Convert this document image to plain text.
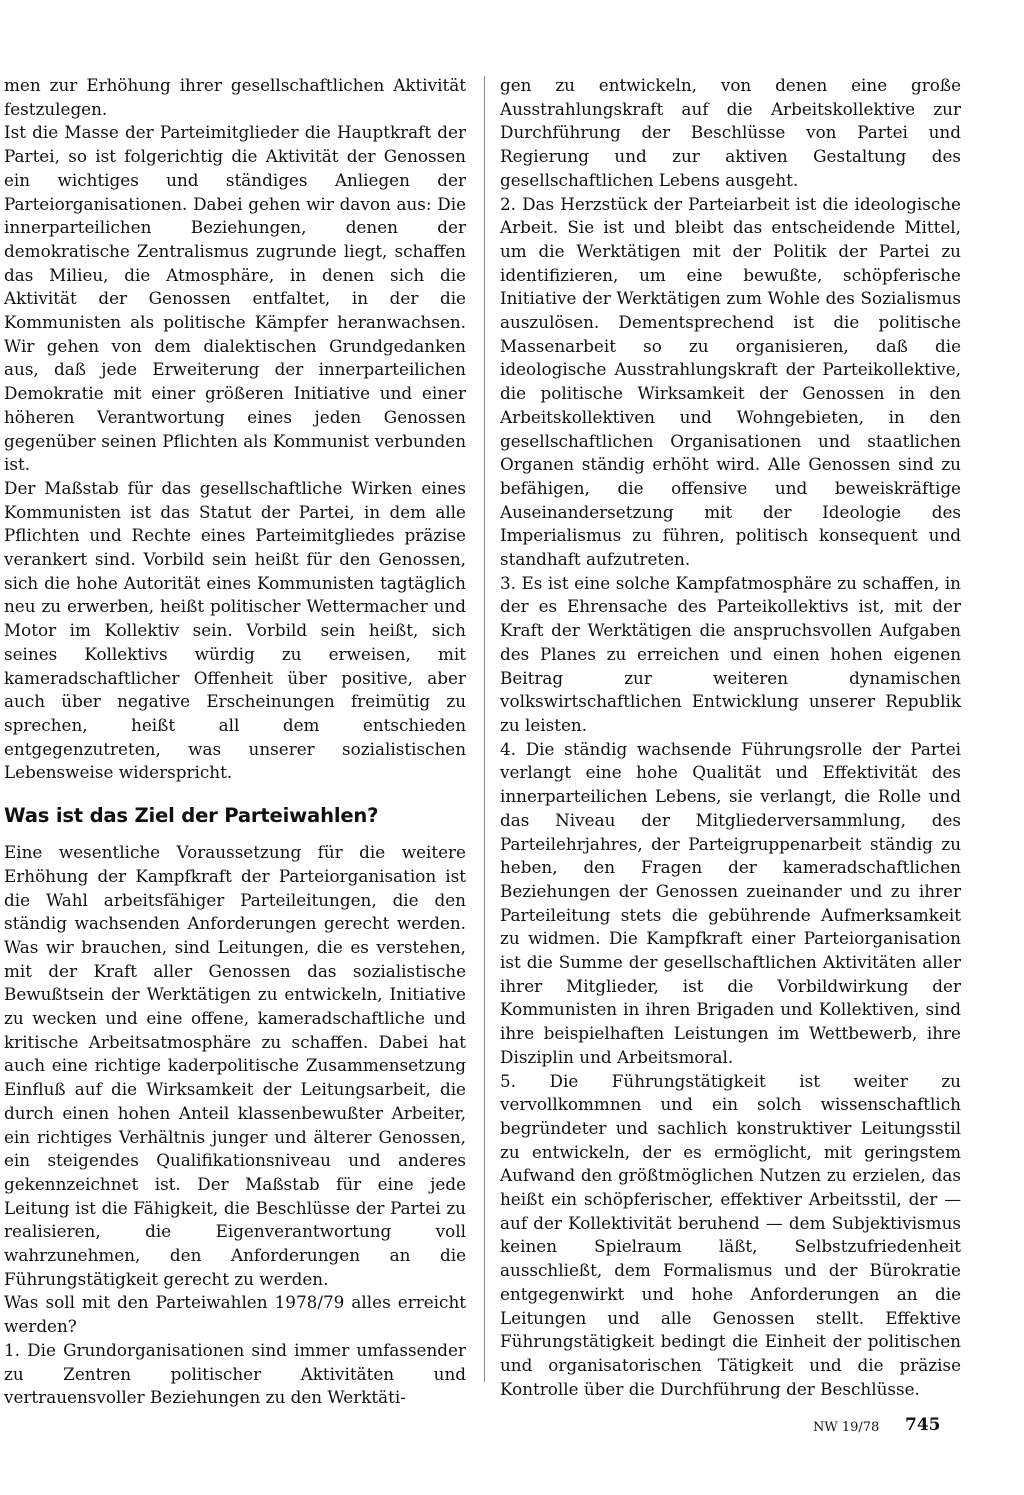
men zur Erhöhung ihrer gesellschaftlichen Aktivität festzulegen.

Ist die Masse der Parteimitglieder die Hauptkraft der Partei, so ist folgerichtig die Aktivität der Genossen ein wichtiges und ständiges Anliegen der Parteiorganisationen. Dabei gehen wir davon aus: Die innerparteilichen Beziehungen, denen der demokratische Zentralismus zugrunde liegt, schaffen das Milieu, die Atmosphäre, in denen sich die Aktivität der Genossen entfaltet, in der die Kommunisten als politische Kämpfer heranwachsen. Wir gehen von dem dialektischen Grundgedanken aus, daß jede Erweiterung der innerparteilichen Demokratie mit einer größeren Initiative und einer höheren Verantwortung eines jeden Genossen gegenüber seinen Pflichten als Kommunist verbunden ist.

Der Maßstab für das gesellschaftliche Wirken eines Kommunisten ist das Statut der Partei, in dem alle Pflichten und Rechte eines Parteimitgliedes präzise verankert sind. Vorbild sein heißt für den Genossen, sich die hohe Autorität eines Kommunisten tagtäglich neu zu erwerben, heißt politischer Wettermacher und Motor im Kollektiv sein. Vorbild sein heißt, sich seines Kollektivs würdig zu erweisen, mit kameradschaftlicher Offenheit über positive, aber auch über negative Erscheinungen freimütig zu sprechen, heißt all dem entschieden entgegenzutreten, was unserer sozialistischen Lebensweise widerspricht.

Was ist das Ziel der Parteiwahlen?

Eine wesentliche Voraussetzung für die weitere Erhöhung der Kampfkraft der Parteiorganisation ist die Wahl arbeitsfähiger Parteileitungen, die den ständig wachsenden Anforderungen gerecht werden. Was wir brauchen, sind Leitungen, die es verstehen, mit der Kraft aller Genossen das sozialistische Bewußtsein der Werktätigen zu entwickeln, Initiative zu wecken und eine offene, kameradschaftliche und kritische Arbeitsatmosphäre zu schaffen. Dabei hat auch eine richtige kaderpolitische Zusammensetzung Einfluß auf die Wirksamkeit der Leitungsarbeit, die durch einen hohen Anteil klassenbewußter Arbeiter, ein richtiges Verhältnis junger und älterer Genossen, ein steigendes Qualifikationsniveau und anderes gekennzeichnet ist. Der Maßstab für eine jede Leitung ist die Fähigkeit, die Beschlüsse der Partei zu realisieren, die Eigenverantwortung voll wahrzunehmen, den Anforderungen an die Führungstätigkeit gerecht zu werden.

Was soll mit den Parteiwahlen 1978/79 alles erreicht werden?

1. Die Grundorganisationen sind immer umfassender zu Zentren politischer Aktivitäten und vertrauensvoller Beziehungen zu den Werktäti-

gen zu entwickeln, von denen eine große Ausstrahlungskraft auf die Arbeitskollektive zur Durchführung der Beschlüsse von Partei und Regierung und zur aktiven Gestaltung des gesellschaftlichen Lebens ausgeht.

2. Das Herzstück der Parteiarbeit ist die ideologische Arbeit. Sie ist und bleibt das entscheidende Mittel, um die Werktätigen mit der Politik der Partei zu identifizieren, um eine bewußte, schöpferische Initiative der Werktätigen zum Wohle des Sozialismus auszulösen. Dementsprechend ist die politische Massenarbeit so zu organisieren, daß die ideologische Ausstrahlungskraft der Parteikollektive, die politische Wirksamkeit der Genossen in den Arbeitskollektiven und Wohngebieten, in den gesellschaftlichen Organisationen und staatlichen Organen ständig erhöht wird. Alle Genossen sind zu befähigen, die offensive und beweiskräftige Auseinandersetzung mit der Ideologie des Imperialismus zu führen, politisch konsequent und standhaft aufzutreten.

3. Es ist eine solche Kampfatmosphäre zu schaffen, in der es Ehrensache des Parteikollektivs ist, mit der Kraft der Werktätigen die anspruchsvollen Aufgaben des Planes zu erreichen und einen hohen eigenen Beitrag zur weiteren dynamischen volkswirtschaftlichen Entwicklung unserer Republik zu leisten.

4. Die ständig wachsende Führungsrolle der Partei verlangt eine hohe Qualität und Effektivität des innerparteilichen Lebens, sie verlangt, die Rolle und das Niveau der Mitgliederversammlung, des Parteilehrjahres, der Parteigruppenarbeit ständig zu heben, den Fragen der kameradschaftlichen Beziehungen der Genossen zueinander und zu ihrer Parteileitung stets die gebührende Aufmerksamkeit zu widmen. Die Kampfkraft einer Parteiorganisation ist die Summe der gesellschaftlichen Aktivitäten aller ihrer Mitglieder, ist die Vorbildwirkung der Kommunisten in ihren Brigaden und Kollektiven, sind ihre beispielhaften Leistungen im Wettbewerb, ihre Disziplin und Arbeitsmoral.

5. Die Führungstätigkeit ist weiter zu vervollkommnen und ein solch wissenschaftlich begründeter und sachlich konstruktiver Leitungsstil zu entwickeln, der es ermöglicht, mit geringstem Aufwand den größtmöglichen Nutzen zu erzielen, das heißt ein schöpferischer, effektiver Arbeitsstil, der — auf der Kollektivität beruhend — dem Subjektivismus keinen Spielraum läßt, Selbstzufriedenheit ausschließt, dem Formalismus und der Bürokratie entgegenwirkt und hohe Anforderungen an die Leitungen und alle Genossen stellt. Effektive Führungstätigkeit bedingt die Einheit der politischen und organisatorischen Tätigkeit und die präzise Kontrolle über die Durchführung der Beschlüsse.

NW 19/78 745
